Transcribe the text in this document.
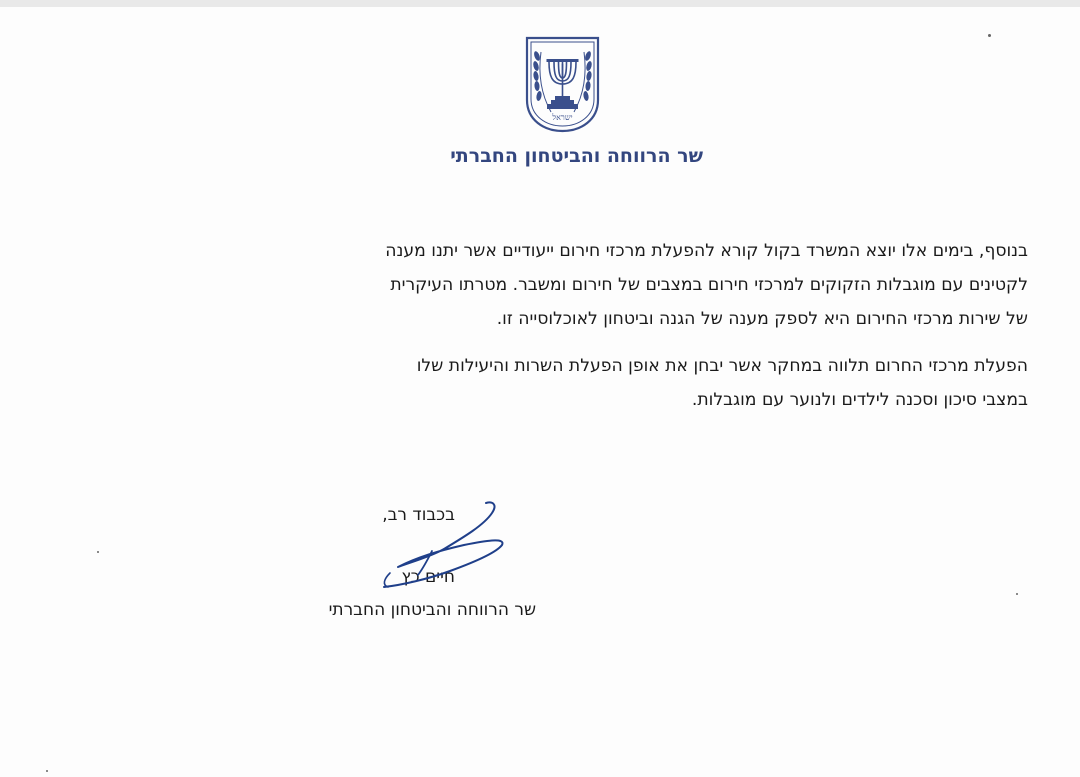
ישראל
שר הרווחה והביטחון החברתי
בנוסף, בימים אלו יוצא המשרד בקול קורא להפעלת מרכזי חירום ייעודיים אשר יתנו מענה
לקטינים עם מוגבלות הזקוקים למרכזי חירום במצבים של חירום ומשבר. מטרתו העיקרית
של שירות מרכזי החירום היא לספק מענה של הגנה וביטחון לאוכלוסייה זו.
הפעלת מרכזי החרום תלווה במחקר אשר יבחן את אופן הפעלת השרות והיעילות שלו
במצבי סיכון וסכנה לילדים ולנוער עם מוגבלות.
בכבוד רב,
חיים כץ
שר הרווחה והביטחון החברתי
